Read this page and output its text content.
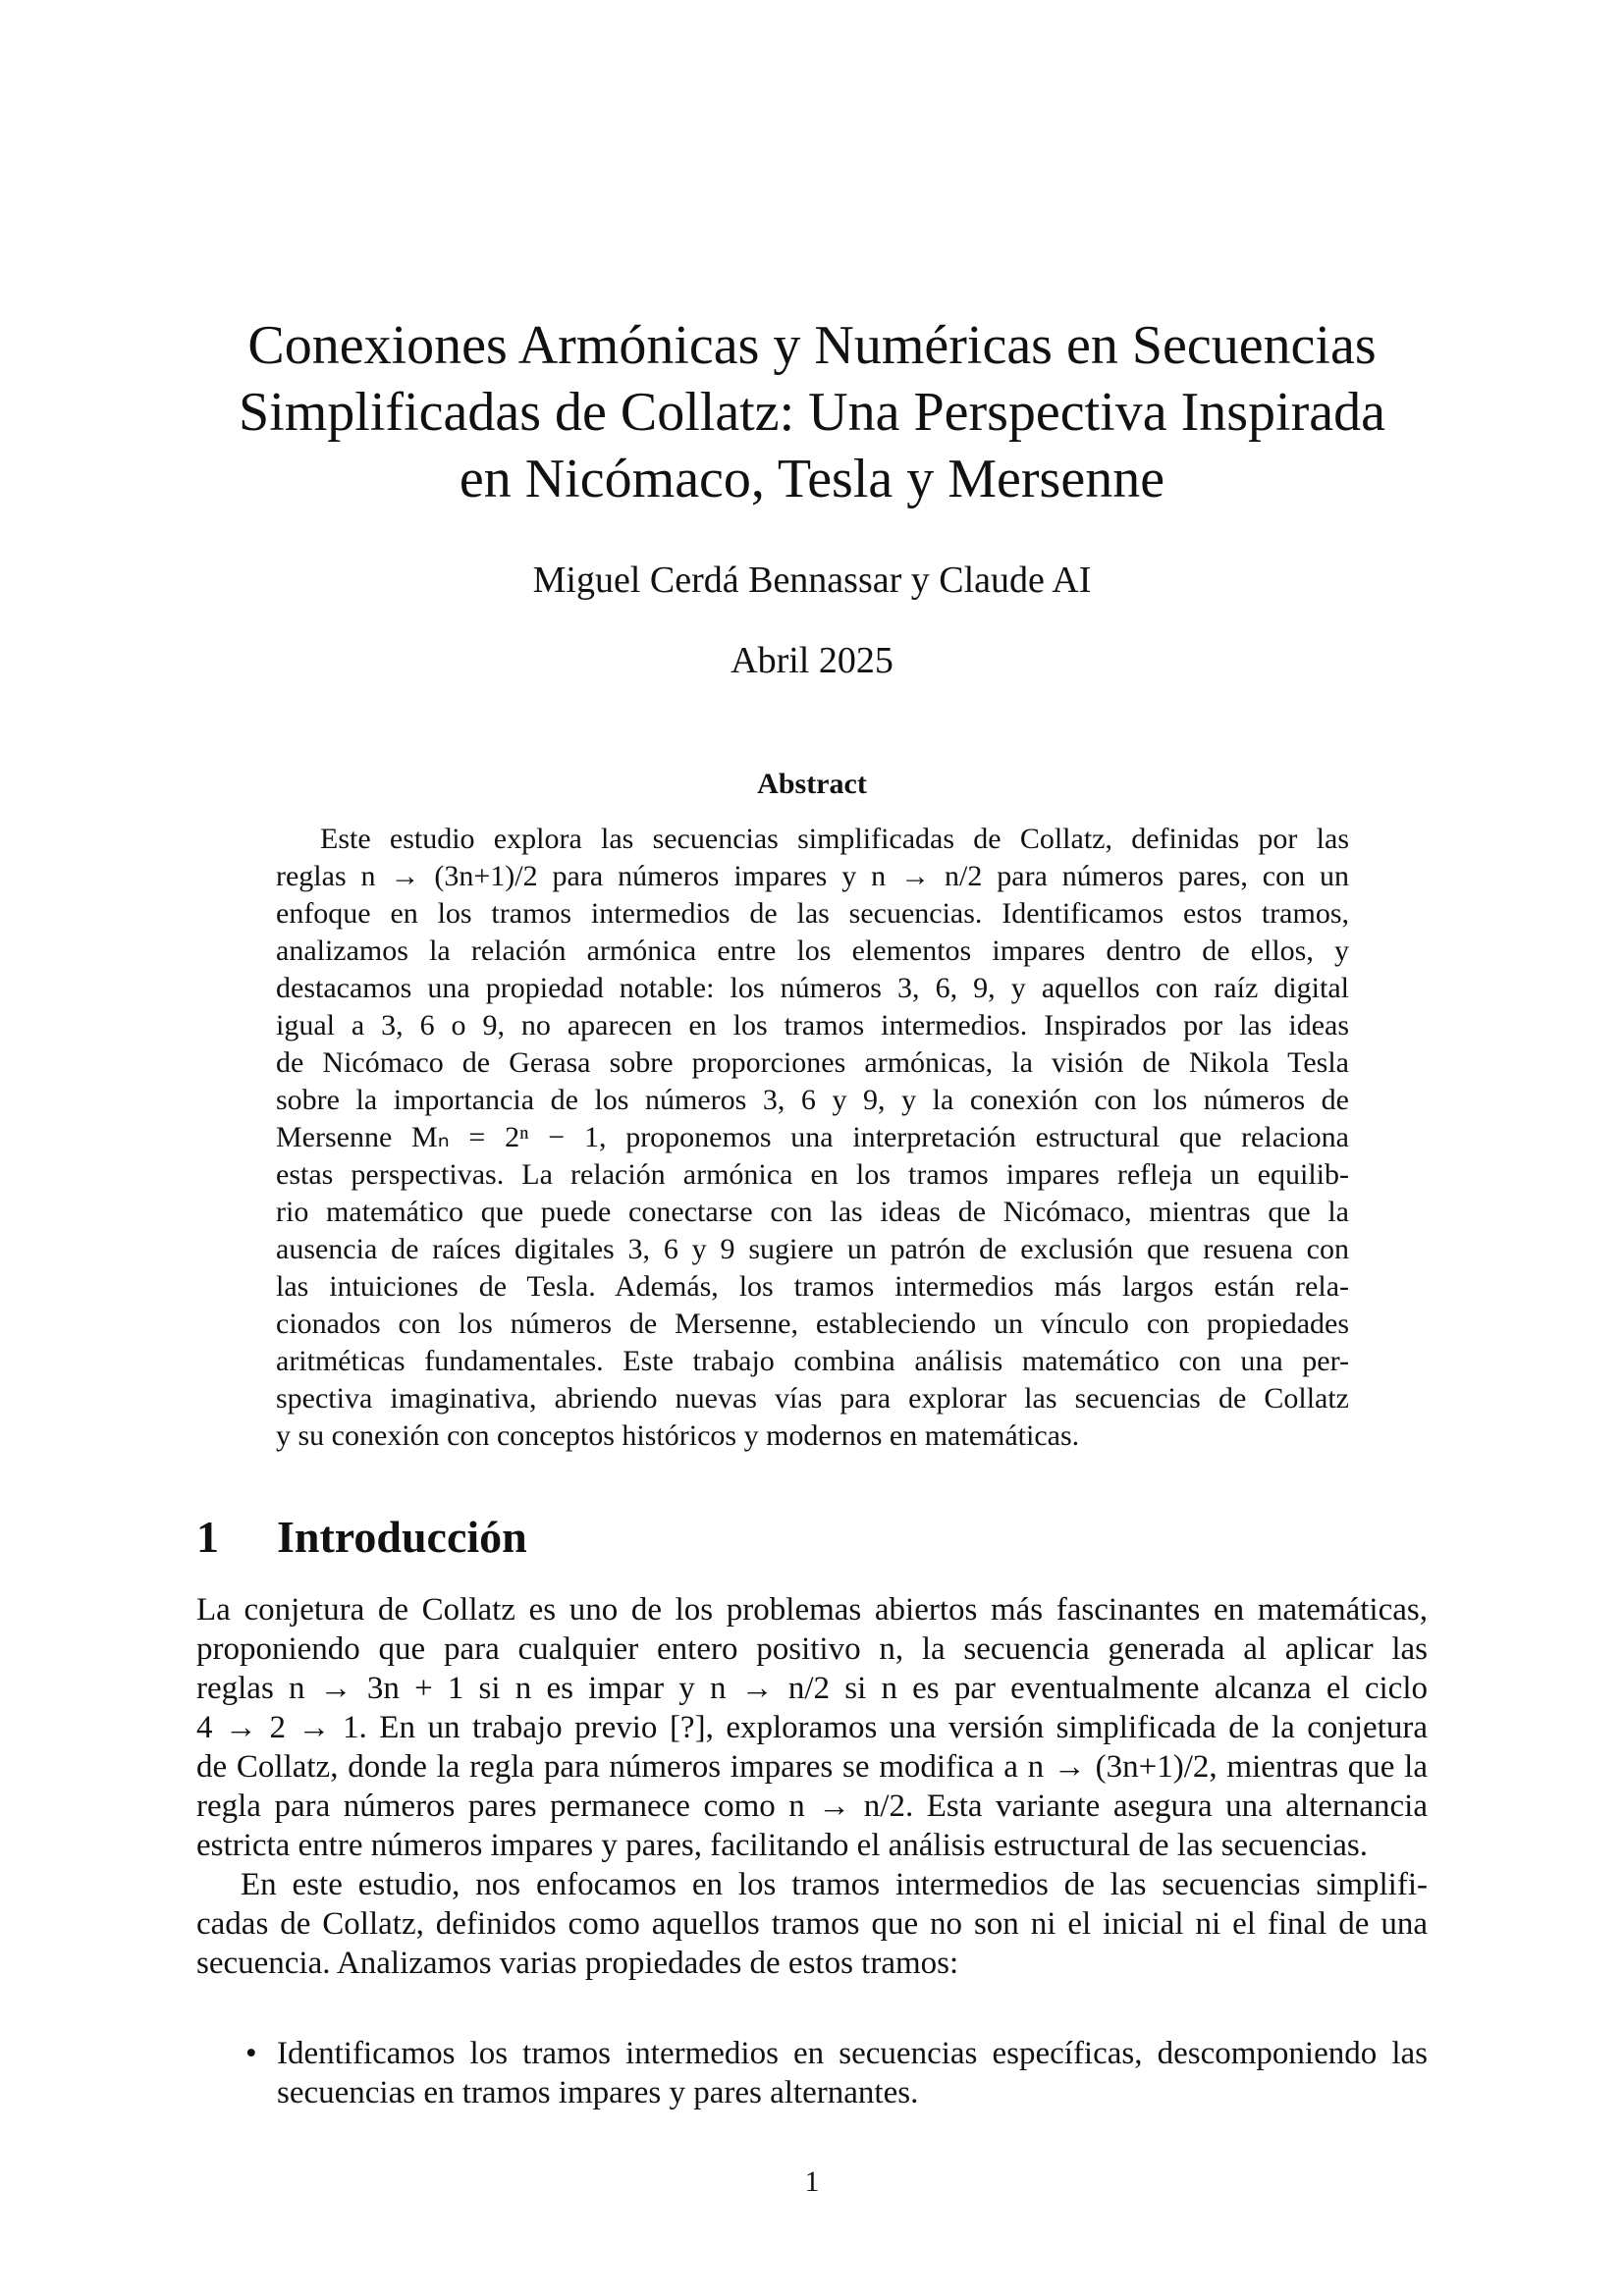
Conexiones Armónicas y Numéricas en Secuencias
Simplificadas de Collatz: Una Perspectiva Inspirada
en Nicómaco, Tesla y Mersenne
Miguel Cerdá Bennassar y Claude AI
Abril 2025
Abstract
Este estudio explora las secuencias simplificadas de Collatz, definidas por las
reglas n → (3n+1)/2 para números impares y n → n/2 para números pares, con un
enfoque en los tramos intermedios de las secuencias. Identificamos estos tramos,
analizamos la relación armónica entre los elementos impares dentro de ellos, y
destacamos una propiedad notable: los números 3, 6, 9, y aquellos con raíz digital
igual a 3, 6 o 9, no aparecen en los tramos intermedios. Inspirados por las ideas
de Nicómaco de Gerasa sobre proporciones armónicas, la visión de Nikola Tesla
sobre la importancia de los números 3, 6 y 9, y la conexión con los números de
Mersenne Mₙ = 2ⁿ − 1, proponemos una interpretación estructural que relaciona
estas perspectivas. La relación armónica en los tramos impares refleja un equilib-
rio matemático que puede conectarse con las ideas de Nicómaco, mientras que la
ausencia de raíces digitales 3, 6 y 9 sugiere un patrón de exclusión que resuena con
las intuiciones de Tesla. Además, los tramos intermedios más largos están rela-
cionados con los números de Mersenne, estableciendo un vínculo con propiedades
aritméticas fundamentales. Este trabajo combina análisis matemático con una per-
spectiva imaginativa, abriendo nuevas vías para explorar las secuencias de Collatz
y su conexión con conceptos históricos y modernos en matemáticas.
1 Introducción
La conjetura de Collatz es uno de los problemas abiertos más fascinantes en matemáticas,
proponiendo que para cualquier entero positivo n, la secuencia generada al aplicar las
reglas n → 3n + 1 si n es impar y n → n/2 si n es par eventualmente alcanza el ciclo
4 → 2 → 1. En un trabajo previo [?], exploramos una versión simplificada de la conjetura
de Collatz, donde la regla para números impares se modifica a n → (3n+1)/2, mientras que la
regla para números pares permanece como n → n/2. Esta variante asegura una alternancia
estricta entre números impares y pares, facilitando el análisis estructural de las secuencias.
En este estudio, nos enfocamos en los tramos intermedios de las secuencias simplifi-
cadas de Collatz, definidos como aquellos tramos que no son ni el inicial ni el final de una
secuencia. Analizamos varias propiedades de estos tramos:
• Identificamos los tramos intermedios en secuencias específicas, descomponiendo las
secuencias en tramos impares y pares alternantes.
1
